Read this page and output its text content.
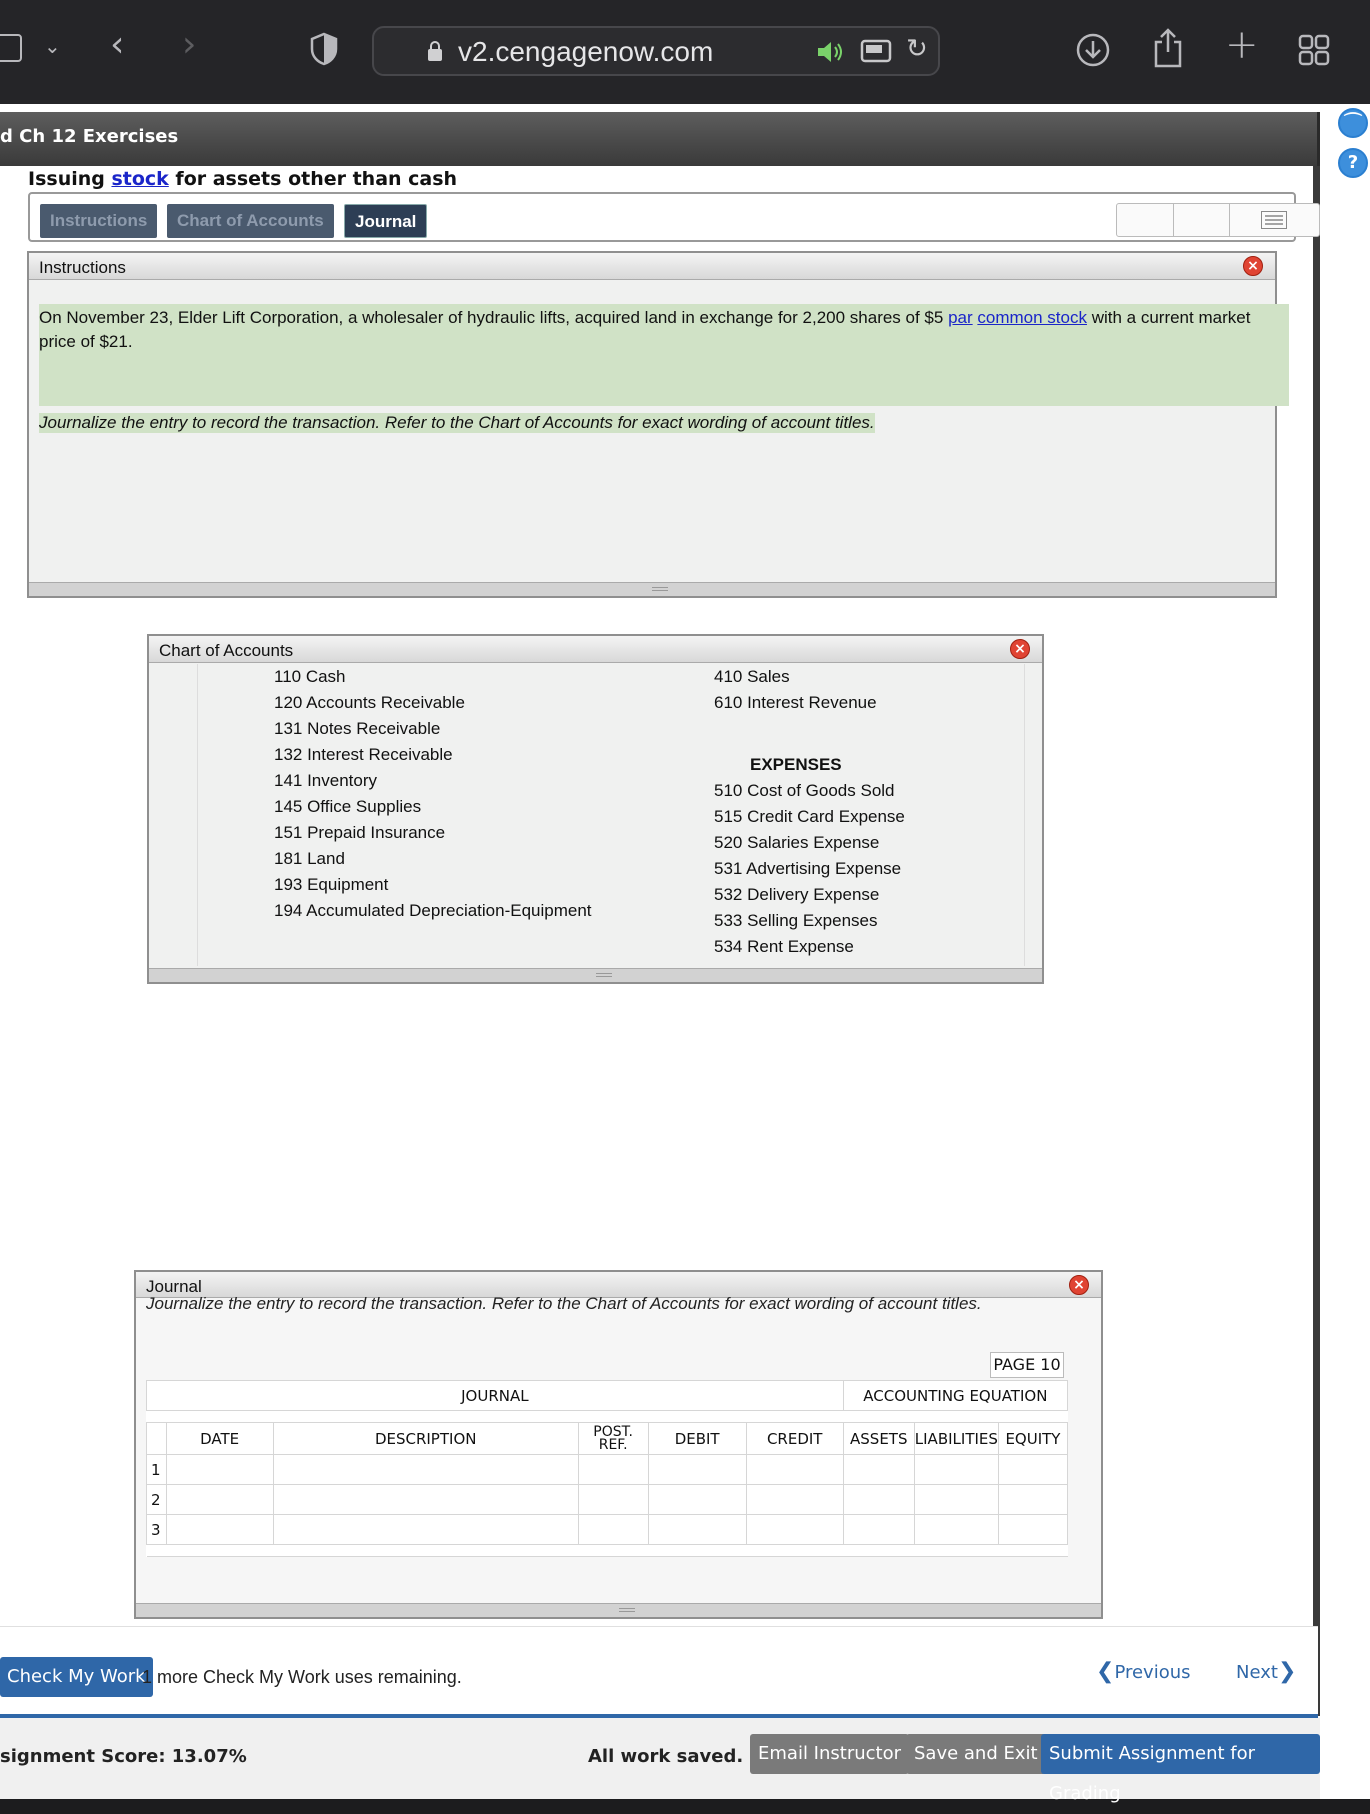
⌄ ‹ ›	v2.cengagenow.com	↻	+
⌒
?
d Ch 12 Exercises
Issuing stock for assets other than cash
Instructions	Chart of Accounts	Journal
Instructions	×
On November 23, Elder Lift Corporation, a wholesaler of hydraulic lifts, acquired land in exchange for 2,200 shares of $5 par common stock with a current market price of $21.
Journalize the entry to record the transaction. Refer to the Chart of Accounts for exact wording of account titles.
Chart of Accounts	×
110 Cash
120 Accounts Receivable
131 Notes Receivable
132 Interest Receivable
141 Inventory
145 Office Supplies
151 Prepaid Insurance
181 Land
193 Equipment
194 Accumulated Depreciation-Equipment
410 Sales
610 Interest Revenue
EXPENSES
510 Cost of Goods Sold
515 Credit Card Expense
520 Salaries Expense
531 Advertising Expense
532 Delivery Expense
533 Selling Expenses
534 Rent Expense
Journal	×
Journalize the entry to record the transaction. Refer to the Chart of Accounts for exact wording of account titles.
PAGE 10
JOURNAL						ACCOUNTING EQUATION		

	DATE	DESCRIPTION	POST. REF.	DEBIT	CREDIT	ASSETS	LIABILITIES	EQUITY
1								
2								
3								

Check My Work
1 more Check My Work uses remaining.	❮Previous	Next❯
signment Score: 13.07%	All work saved. Email Instructor Save and Exit Submit Assignment for Grading
